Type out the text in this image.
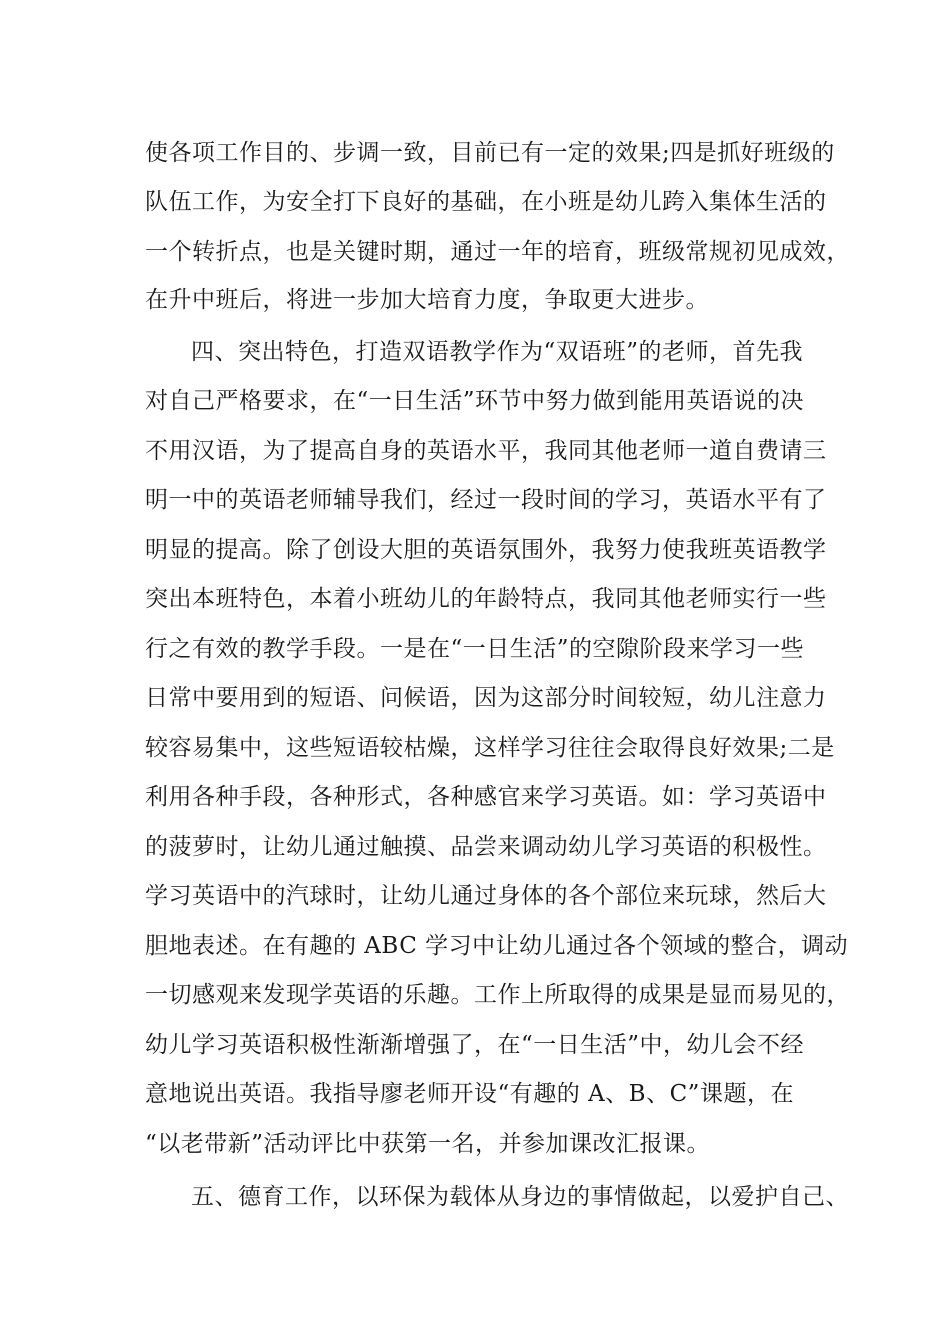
使各项工作目的、步调一致，目前已有一定的效果;四是抓好班级的
队伍工作，为安全打下良好的基础，在小班是幼儿跨入集体生活的
一个转折点，也是关键时期，通过一年的培育，班级常规初见成效，
在升中班后，将进一步加大培育力度，争取更大进步。
四、突出特色，打造双语教学作为“双语班”的老师，首先我
对自己严格要求，在“一日生活”环节中努力做到能用英语说的决
不用汉语，为了提高自身的英语水平，我同其他老师一道自费请三
明一中的英语老师辅导我们，经过一段时间的学习，英语水平有了
明显的提高。除了创设大胆的英语氛围外，我努力使我班英语教学
突出本班特色，本着小班幼儿的年龄特点，我同其他老师实行一些
行之有效的教学手段。一是在“一日生活”的空隙阶段来学习一些
日常中要用到的短语、问候语，因为这部分时间较短，幼儿注意力
较容易集中，这些短语较枯燥，这样学习往往会取得良好效果;二是
利用各种手段，各种形式，各种感官来学习英语。如：学习英语中
的菠萝时，让幼儿通过触摸、品尝来调动幼儿学习英语的积极性。
学习英语中的汽球时，让幼儿通过身体的各个部位来玩球，然后大
胆地表述。在有趣的 ABC 学习中让幼儿通过各个领域的整合，调动
一切感观来发现学英语的乐趣。工作上所取得的成果是显而易见的，
幼儿学习英语积极性渐渐增强了，在“一日生活”中，幼儿会不经
意地说出英语。我指导廖老师开设“有趣的 A、B、C”课题，在
“以老带新”活动评比中获第一名，并参加课改汇报课。
五、德育工作，以环保为载体从身边的事情做起，以爱护自己、
